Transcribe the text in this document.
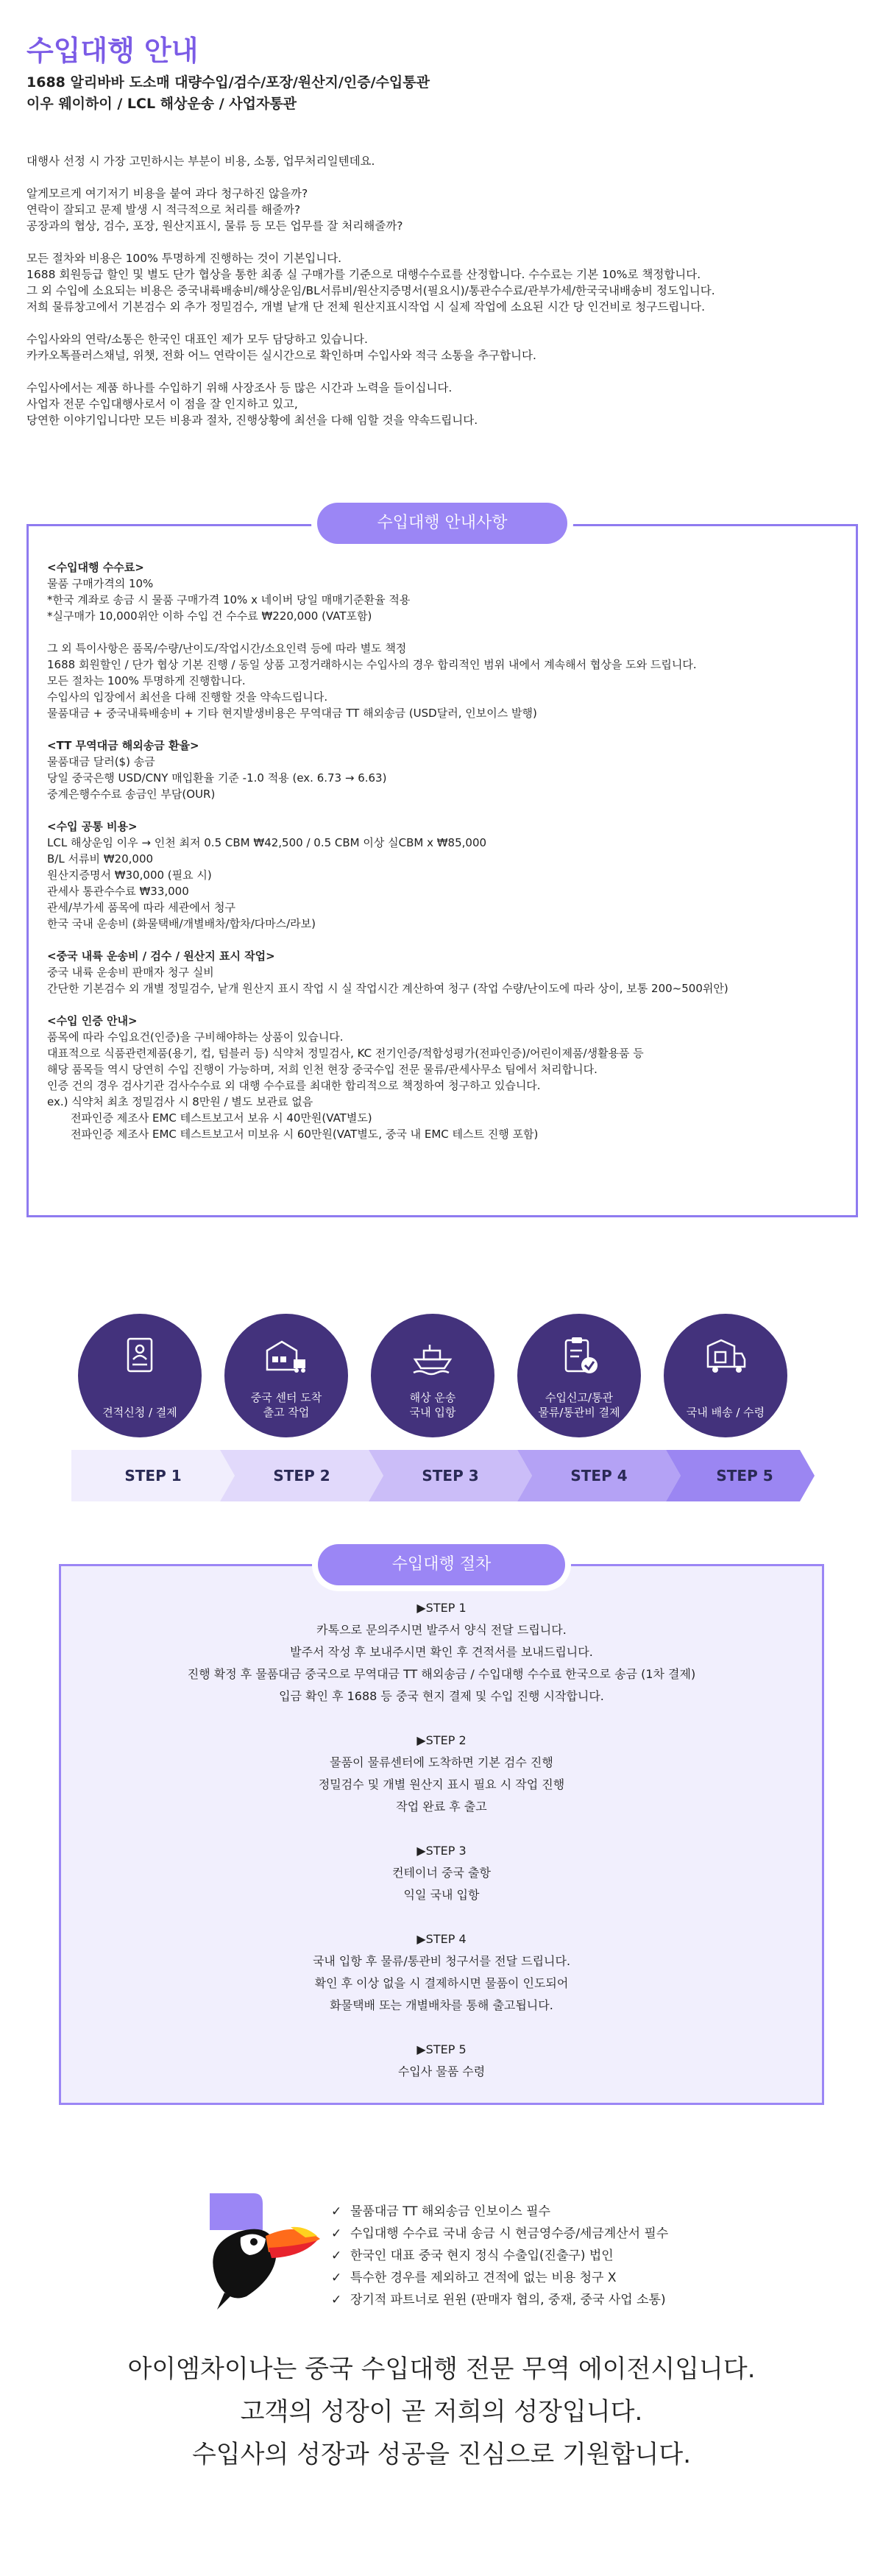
수입대행 안내
1688 알리바바 도소매 대량수입/검수/포장/원산지/인증/수입통관
이우 웨이하이 / LCL 해상운송 / 사업자통관

대행사 선정 시 가장 고민하시는 부분이 비용, 소통, 업무처리일텐데요.

알게모르게 여기저기 비용을 붙여 과다 청구하진 않을까?
연락이 잘되고 문제 발생 시 적극적으로 처리를 해줄까?
공장과의 협상, 검수, 포장, 원산지표시, 물류 등 모든 업무를 잘 처리해줄까?

모든 절차와 비용은 100% 투명하게 진행하는 것이 기본입니다.
1688 회원등급 할인 및 별도 단가 협상을 통한 최종 실 구매가를 기준으로 대행수수료를 산정합니다. 수수료는 기본 10%로 책정합니다.
그 외 수입에 소요되는 비용은 중국내륙배송비/해상운임/BL서류비/원산지증명서(필요시)/통관수수료/관부가세/한국국내배송비 정도입니다.
저희 물류창고에서 기본검수 외 추가 정밀검수, 개별 낱개 단 전체 원산지표시작업 시 실제 작업에 소요된 시간 당 인건비로 청구드립니다.

수입사와의 연락/소통은 한국인 대표인 제가 모두 담당하고 있습니다.
카카오톡플러스채널, 위챗, 전화 어느 연락이든 실시간으로 확인하며 수입사와 적극 소통을 추구합니다.

수입사에서는 제품 하나를 수입하기 위해 사장조사 등 많은 시간과 노력을 들이십니다.
사업자 전문 수입대행사로서 이 점을 잘 인지하고 있고,
당연한 이야기입니다만 모든 비용과 절차, 진행상황에 최선을 다해 임할 것을 약속드립니다.

수입대행 안내사항
<수입대행 수수료>
물품 구매가격의 10%
*한국 계좌로 송금 시 물품 구매가격 10% x 네이버 당일 매매기준환율 적용
*실구매가 10,000위안 이하 수입 건 수수료 ₩220,000 (VAT포함)
그 외 특이사항은 품목/수량/난이도/작업시간/소요인력 등에 따라 별도 책정
1688 회원할인 / 단가 협상 기본 진행 / 동일 상품 고정거래하시는 수입사의 경우 합리적인 범위 내에서 계속해서 협상을 도와 드립니다.
모든 절차는 100% 투명하게 진행합니다.
수입사의 입장에서 최선을 다해 진행할 것을 약속드립니다.
물품대금 + 중국내륙배송비 + 기타 현지발생비용은 무역대금 TT 해외송금 (USD달러, 인보이스 발행)
<TT 무역대금 해외송금 환율>
물품대금 달러($) 송금
당일 중국은행 USD/CNY 매입환율 기준 -1.0 적용 (ex. 6.73 → 6.63)
중계은행수수료 송금인 부담(OUR)
<수입 공통 비용>
LCL 해상운임 이우 → 인천 최저 0.5 CBM ₩42,500 / 0.5 CBM 이상 실CBM x ₩85,000
B/L 서류비 ₩20,000
원산지증명서 ₩30,000 (필요 시)
관세사 통관수수료 ₩33,000
관세/부가세 품목에 따라 세관에서 청구
한국 국내 운송비 (화물택배/개별배차/합차/다마스/라보)
<중국 내륙 운송비 / 검수 / 원산지 표시 작업>
중국 내륙 운송비 판매자 청구 실비
간단한 기본검수 외 개별 정밀검수, 낱개 원산지 표시 작업 시 실 작업시간 계산하여 청구 (작업 수량/난이도에 따라 상이, 보통 200~500위안)
<수입 인증 안내>
품목에 따라 수입요건(인증)을 구비해야하는 상품이 있습니다.
대표적으로 식품관련제품(용기, 컵, 텀블러 등) 식약처 정밀검사, KC 전기인증/적합성평가(전파인증)/어린이제품/생활용품 등
해당 품목들 역시 당연히 수입 진행이 가능하며, 저희 인천 현장 중국수입 전문 물류/관세사무소 팀에서 처리합니다.
인증 건의 경우 검사기관 검사수수료 외 대행 수수료를 최대한 합리적으로 책정하여 청구하고 있습니다.
ex.) 식약처 최초 정밀검사 시 8만원 / 별도 보관료 없음
전파인증 제조사 EMC 테스트보고서 보유 시 40만원(VAT별도)
전파인증 제조사 EMC 테스트보고서 미보유 시 60만원(VAT별도, 중국 내 EMC 테스트 진행 포함)
견적신청 / 결제
중국 센터 도착
출고 작업
해상 운송
국내 입항
수입신고/통관
물류/통관비 결제	국내 배송 / 수령
STEP 1	STEP 2	STEP 3	STEP 4	STEP 5
수입대행 절차
▶STEP 1
카톡으로 문의주시면 발주서 양식 전달 드립니다.
발주서 작성 후 보내주시면 확인 후 견적서를 보내드립니다.
진행 확정 후 물품대금 중국으로 무역대금 TT 해외송금 / 수입대행 수수료 한국으로 송금 (1차 결제)
입금 확인 후 1688 등 중국 현지 결제 및 수입 진행 시작합니다.
▶STEP 2
물품이 물류센터에 도착하면 기본 검수 진행
정밀검수 및 개별 원산지 표시 필요 시 작업 진행
작업 완료 후 출고
▶STEP 3
컨테이너 중국 출항
익일 국내 입항
▶STEP 4
국내 입항 후 물류/통관비 청구서를 전달 드립니다.
확인 후 이상 없을 시 결제하시면 물품이 인도되어
화물택배 또는 개별배차를 통해 출고됩니다.
▶STEP 5
수입사 물품 수령
✓ 물품대금 TT 해외송금 인보이스 필수
✓ 수입대행 수수료 국내 송금 시 현금영수증/세금계산서 필수
✓ 한국인 대표 중국 현지 정식 수출입(진출구) 법인
✓ 특수한 경우를 제외하고 견적에 없는 비용 청구 X
✓ 장기적 파트너로 윈윈 (판매자 협의, 중재, 중국 사업 소통)
아이엠차이나는 중국 수입대행 전문 무역 에이전시입니다.
고객의 성장이 곧 저희의 성장입니다.
수입사의 성장과 성공을 진심으로 기원합니다.
